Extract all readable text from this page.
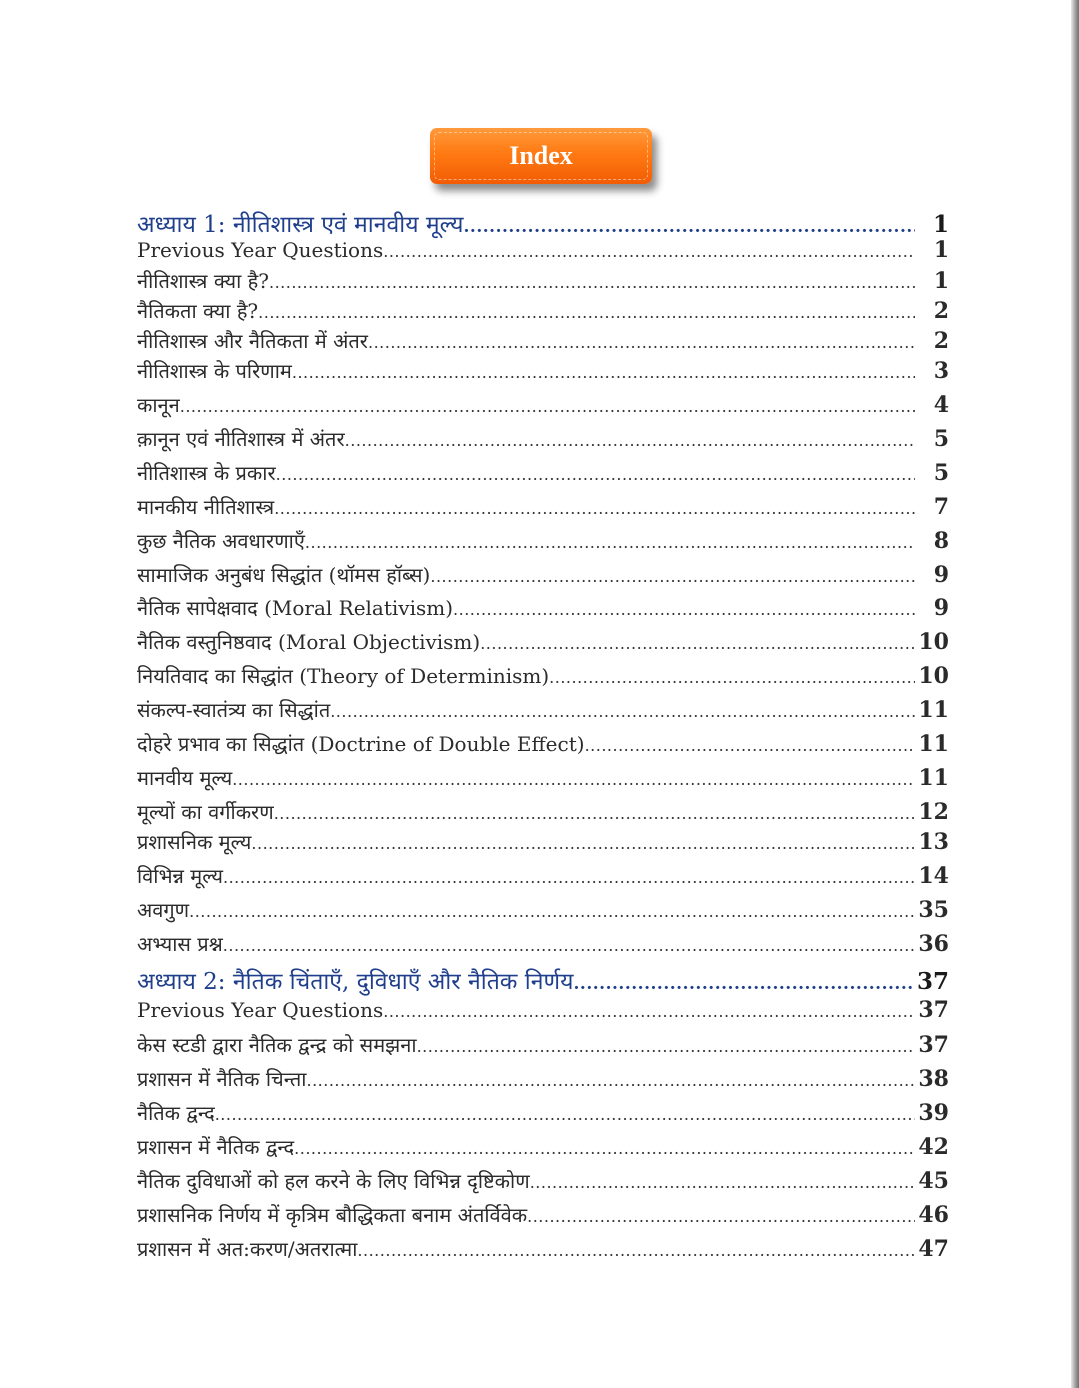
Index
अध्याय 1: नीतिशास्त्र एवं मानवीय मूल्य .....	1
Previous Year Questions .....	1
नीतिशास्त्र क्या है? .....	1
नैतिकता क्या है? .....	2
नीतिशास्त्र और नैतिकता में अंतर .....	2
नीतिशास्त्र के परिणाम .....	3
कानून .....	4
क़ानून एवं नीतिशास्त्र में अंतर .....	5
नीतिशास्त्र के प्रकार .....	5
मानकीय नीतिशास्त्र .....	7
कुछ नैतिक अवधारणाएँ .....	8
सामाजिक अनुबंध सिद्धांत (थॉमस हॉब्स) .....	9
नैतिक सापेक्षवाद (Moral Relativism) .....	9
नैतिक वस्तुनिष्ठवाद (Moral Objectivism) .....	10
नियतिवाद का सिद्धांत (Theory of Determinism) .....	10
संकल्प-स्वातंत्र्य का सिद्धांत .....	11
दोहरे प्रभाव का सिद्धांत (Doctrine of Double Effect) .....	11
मानवीय मूल्य .....	11
मूल्यों का वर्गीकरण .....	12
प्रशासनिक मूल्य .....	13
विभिन्न मूल्य .....	14
अवगुण .....	35
अभ्यास प्रश्न .....	36
अध्याय 2: नैतिक चिंताएँ, दुविधाएँ और नैतिक निर्णय .....	37
Previous Year Questions .....	37
केस स्टडी द्वारा नैतिक द्वन्द्र को समझना .....	37
प्रशासन में नैतिक चिन्ता .....	38
नैतिक द्वन्द .....	39
प्रशासन में नैतिक द्वन्द .....	42
नैतिक दुविधाओं को हल करने के लिए विभिन्न दृष्टिकोण .....	45
प्रशासनिक निर्णय में कृत्रिम बौद्धिकता बनाम अंतर्विवेक .....	46
प्रशासन में अत:करण/अतरात्मा .....	47
